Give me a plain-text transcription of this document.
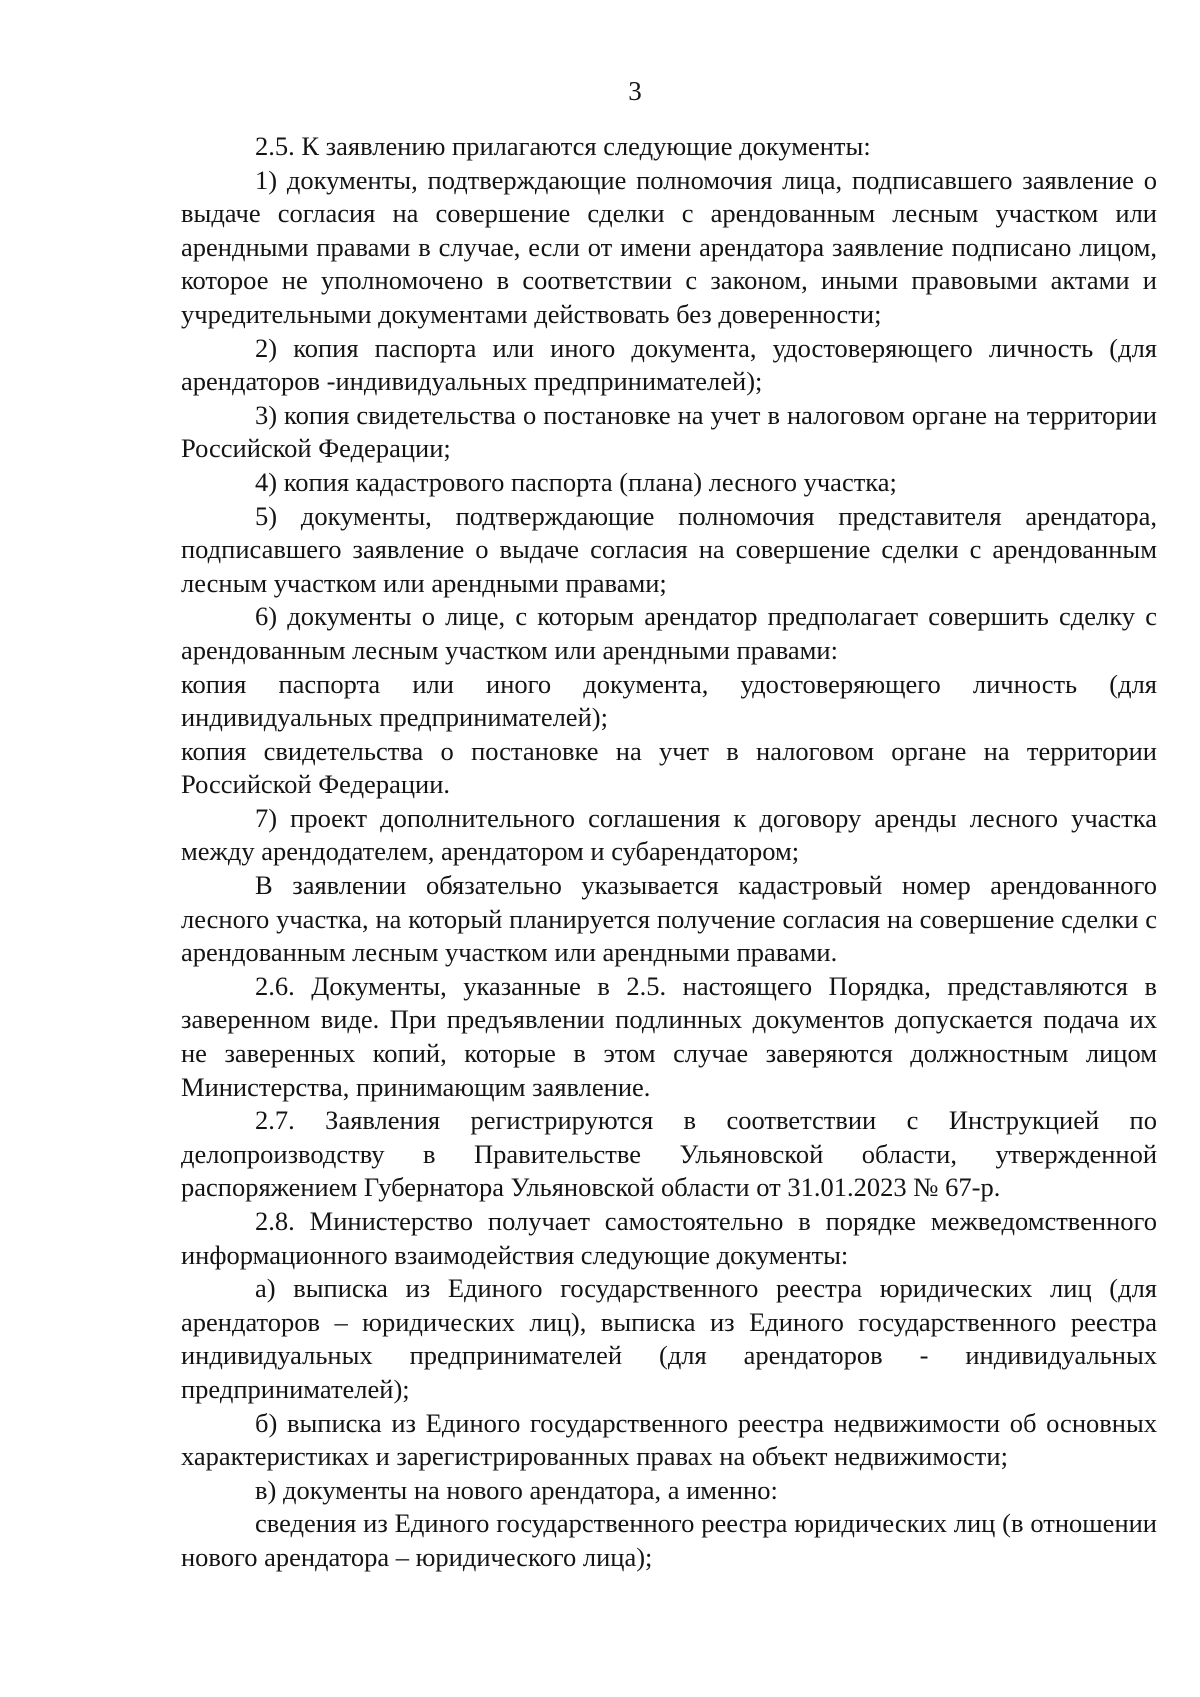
3

2.5. К заявлению прилагаются следующие документы:

1) документы, подтверждающие полномочия лица, подписавшего заявление о выдаче согласия на совершение сделки с арендованным лесным участком или арендными правами в случае, если от имени арендатора заявление подписано лицом, которое не уполномочено в соответствии с законом, иными правовыми актами и учредительными документами действовать без доверенности;

2) копия паспорта или иного документа, удостоверяющего личность (для арендаторов -индивидуальных предпринимателей);

3) копия свидетельства о постановке на учет в налоговом органе на территории Российской Федерации;

4) копия кадастрового паспорта (плана) лесного участка;

5) документы, подтверждающие полномочия представителя арендатора, подписавшего заявление о выдаче согласия на совершение сделки с арендованным лесным участком или арендными правами;

6) документы о лице, с которым арендатор предполагает совершить сделку с арендованным лесным участком или арендными правами:

копия паспорта или иного документа, удостоверяющего личность (для индивидуальных предпринимателей);

копия свидетельства о постановке на учет в налоговом органе на территории Российской Федерации.

7) проект дополнительного соглашения к договору аренды лесного участка между арендодателем, арендатором и субарендатором;

В заявлении обязательно указывается кадастровый номер арендованного лесного участка, на который планируется получение согласия на совершение сделки с арендованным лесным участком или арендными правами.

2.6. Документы, указанные в 2.5. настоящего Порядка, представляются в заверенном виде. При предъявлении подлинных документов допускается подача их не заверенных копий, которые в этом случае заверяются должностным лицом Министерства, принимающим заявление.

2.7. Заявления регистрируются в соответствии с Инструкцией по делопроизводству в Правительстве Ульяновской области, утвержденной распоряжением Губернатора Ульяновской области от 31.01.2023 № 67-р.

2.8. Министерство получает самостоятельно в порядке межведомственного информационного взаимодействия следующие документы:

а) выписка из Единого государственного реестра юридических лиц (для арендаторов – юридических лиц), выписка из Единого государственного реестра индивидуальных предпринимателей (для арендаторов - индивидуальных предпринимателей);

б) выписка из Единого государственного реестра недвижимости об основных характеристиках и зарегистрированных правах на объект недвижимости;

в) документы на нового арендатора, а именно:

сведения из Единого государственного реестра юридических лиц (в отношении нового арендатора – юридического лица);
